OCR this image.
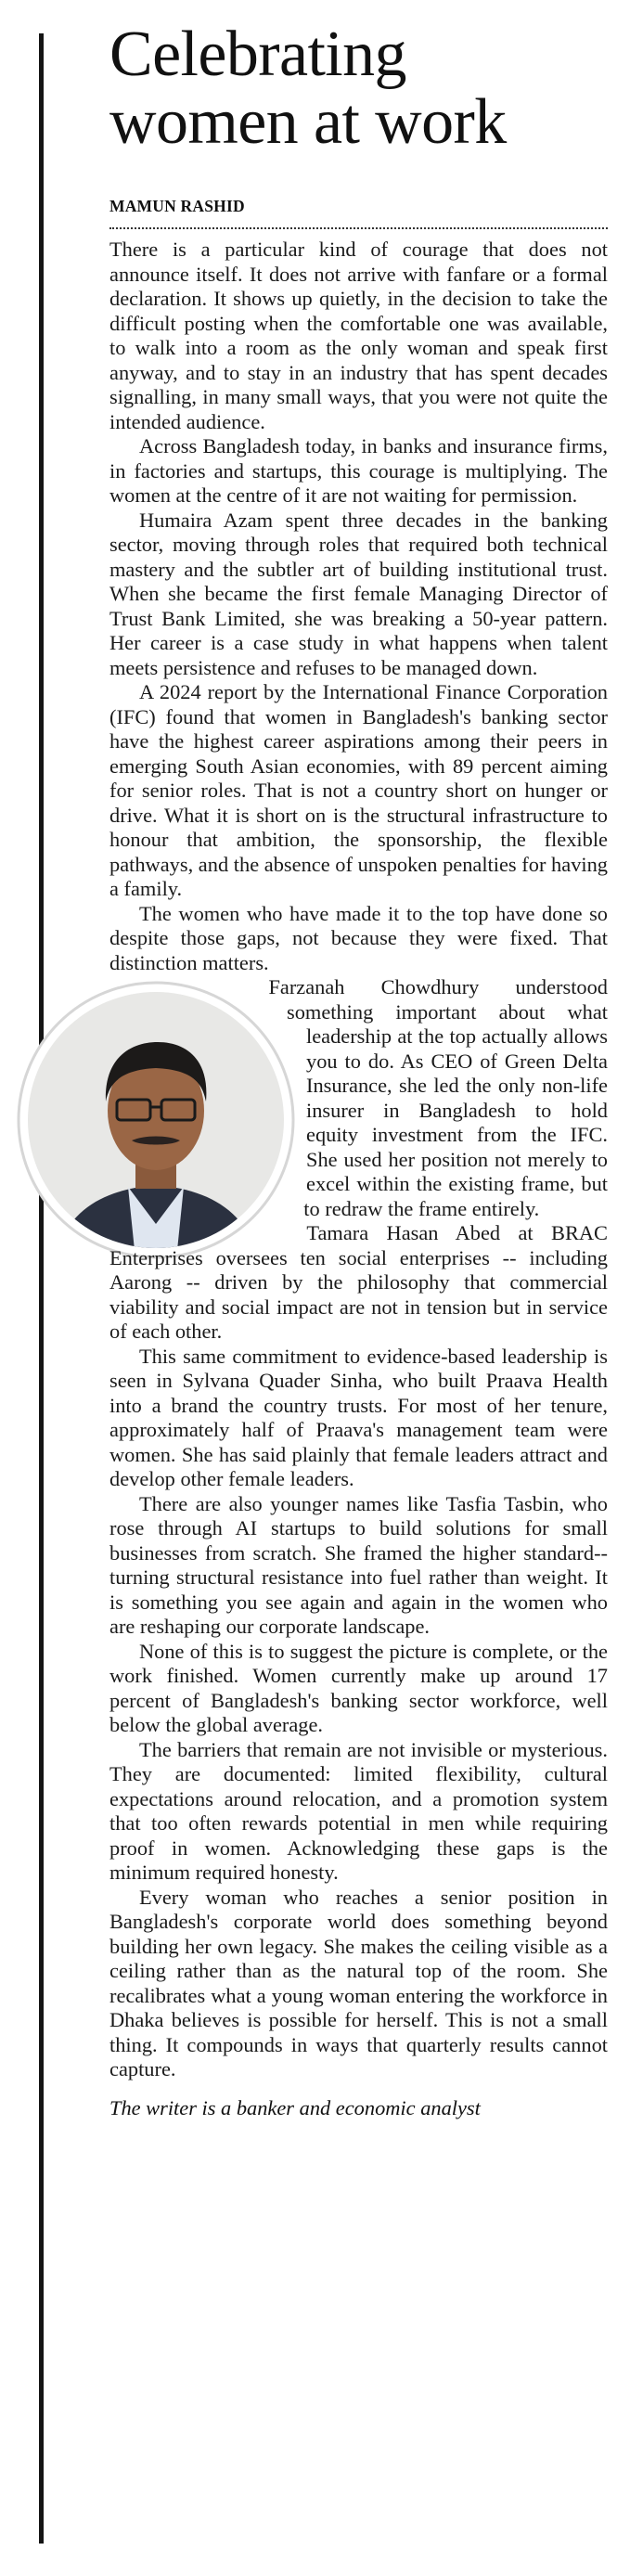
Celebrating women at work
MAMUN RASHID

There is a particular kind of courage that does not announce itself. It does not arrive with fanfare or a formal declaration. It shows up quietly, in the decision to take the difficult posting when the comfortable one was available, to walk into a room as the only woman and speak first anyway, and to stay in an industry that has spent decades signalling, in many small ways, that you were not quite the intended audience.

Across Bangladesh today, in banks and insurance firms, in factories and startups, this courage is multiplying. The women at the centre of it are not waiting for permission.

Humaira Azam spent three decades in the banking sector, moving through roles that required both technical mastery and the subtler art of building institutional trust. When she became the first female Managing Director of Trust Bank Limited, she was breaking a 50-year pattern. Her career is a case study in what happens when talent meets persistence and refuses to be managed down.

A 2024 report by the International Finance Corporation (IFC) found that women in Bangladesh's banking sector have the highest career aspirations among their peers in emerging South Asian economies, with 89 percent aiming for senior roles. That is not a country short on hunger or drive. What it is short on is the structural infrastructure to honour that ambition, the sponsorship, the flexible pathways, and the absence of unspoken penalties for having a family.

The women who have made it to the top have done so despite those gaps, not because they were fixed. That distinction matters.

Farzanah Chowdhury understood something important about what leadership at the top actually allows you to do. As CEO of Green Delta Insurance, she led the only non-life insurer in Bangladesh to hold equity investment from the IFC. She used her position not merely to excel within the existing frame, but to redraw the frame entirely.

Tamara Hasan Abed at BRAC Enterprises oversees ten social enterprises -- including Aarong -- driven by the philosophy that commercial viability and social impact are not in tension but in service of each other.

This same commitment to evidence-based leadership is seen in Sylvana Quader Sinha, who built Praava Health into a brand the country trusts. For most of her tenure, approximately half of Praava's management team were women. She has said plainly that female leaders attract and develop other female leaders.

There are also younger names like Tasfia Tasbin, who rose through AI startups to build solutions for small businesses from scratch. She framed the higher standard-- turning structural resistance into fuel rather than weight. It is something you see again and again in the women who are reshaping our corporate landscape.

None of this is to suggest the picture is complete, or the work finished. Women currently make up around 17 percent of Bangladesh's banking sector workforce, well below the global average.

The barriers that remain are not invisible or mysterious. They are documented: limited flexibility, cultural expectations around relocation, and a promotion system that too often rewards potential in men while requiring proof in women. Acknowledging these gaps is the minimum required honesty.

Every woman who reaches a senior position in Bangladesh's corporate world does something beyond building her own legacy. She makes the ceiling visible as a ceiling rather than as the natural top of the room. She recalibrates what a young woman entering the workforce in Dhaka believes is possible for herself. This is not a small thing. It compounds in ways that quarterly results cannot capture.

The writer is a banker and economic analyst
